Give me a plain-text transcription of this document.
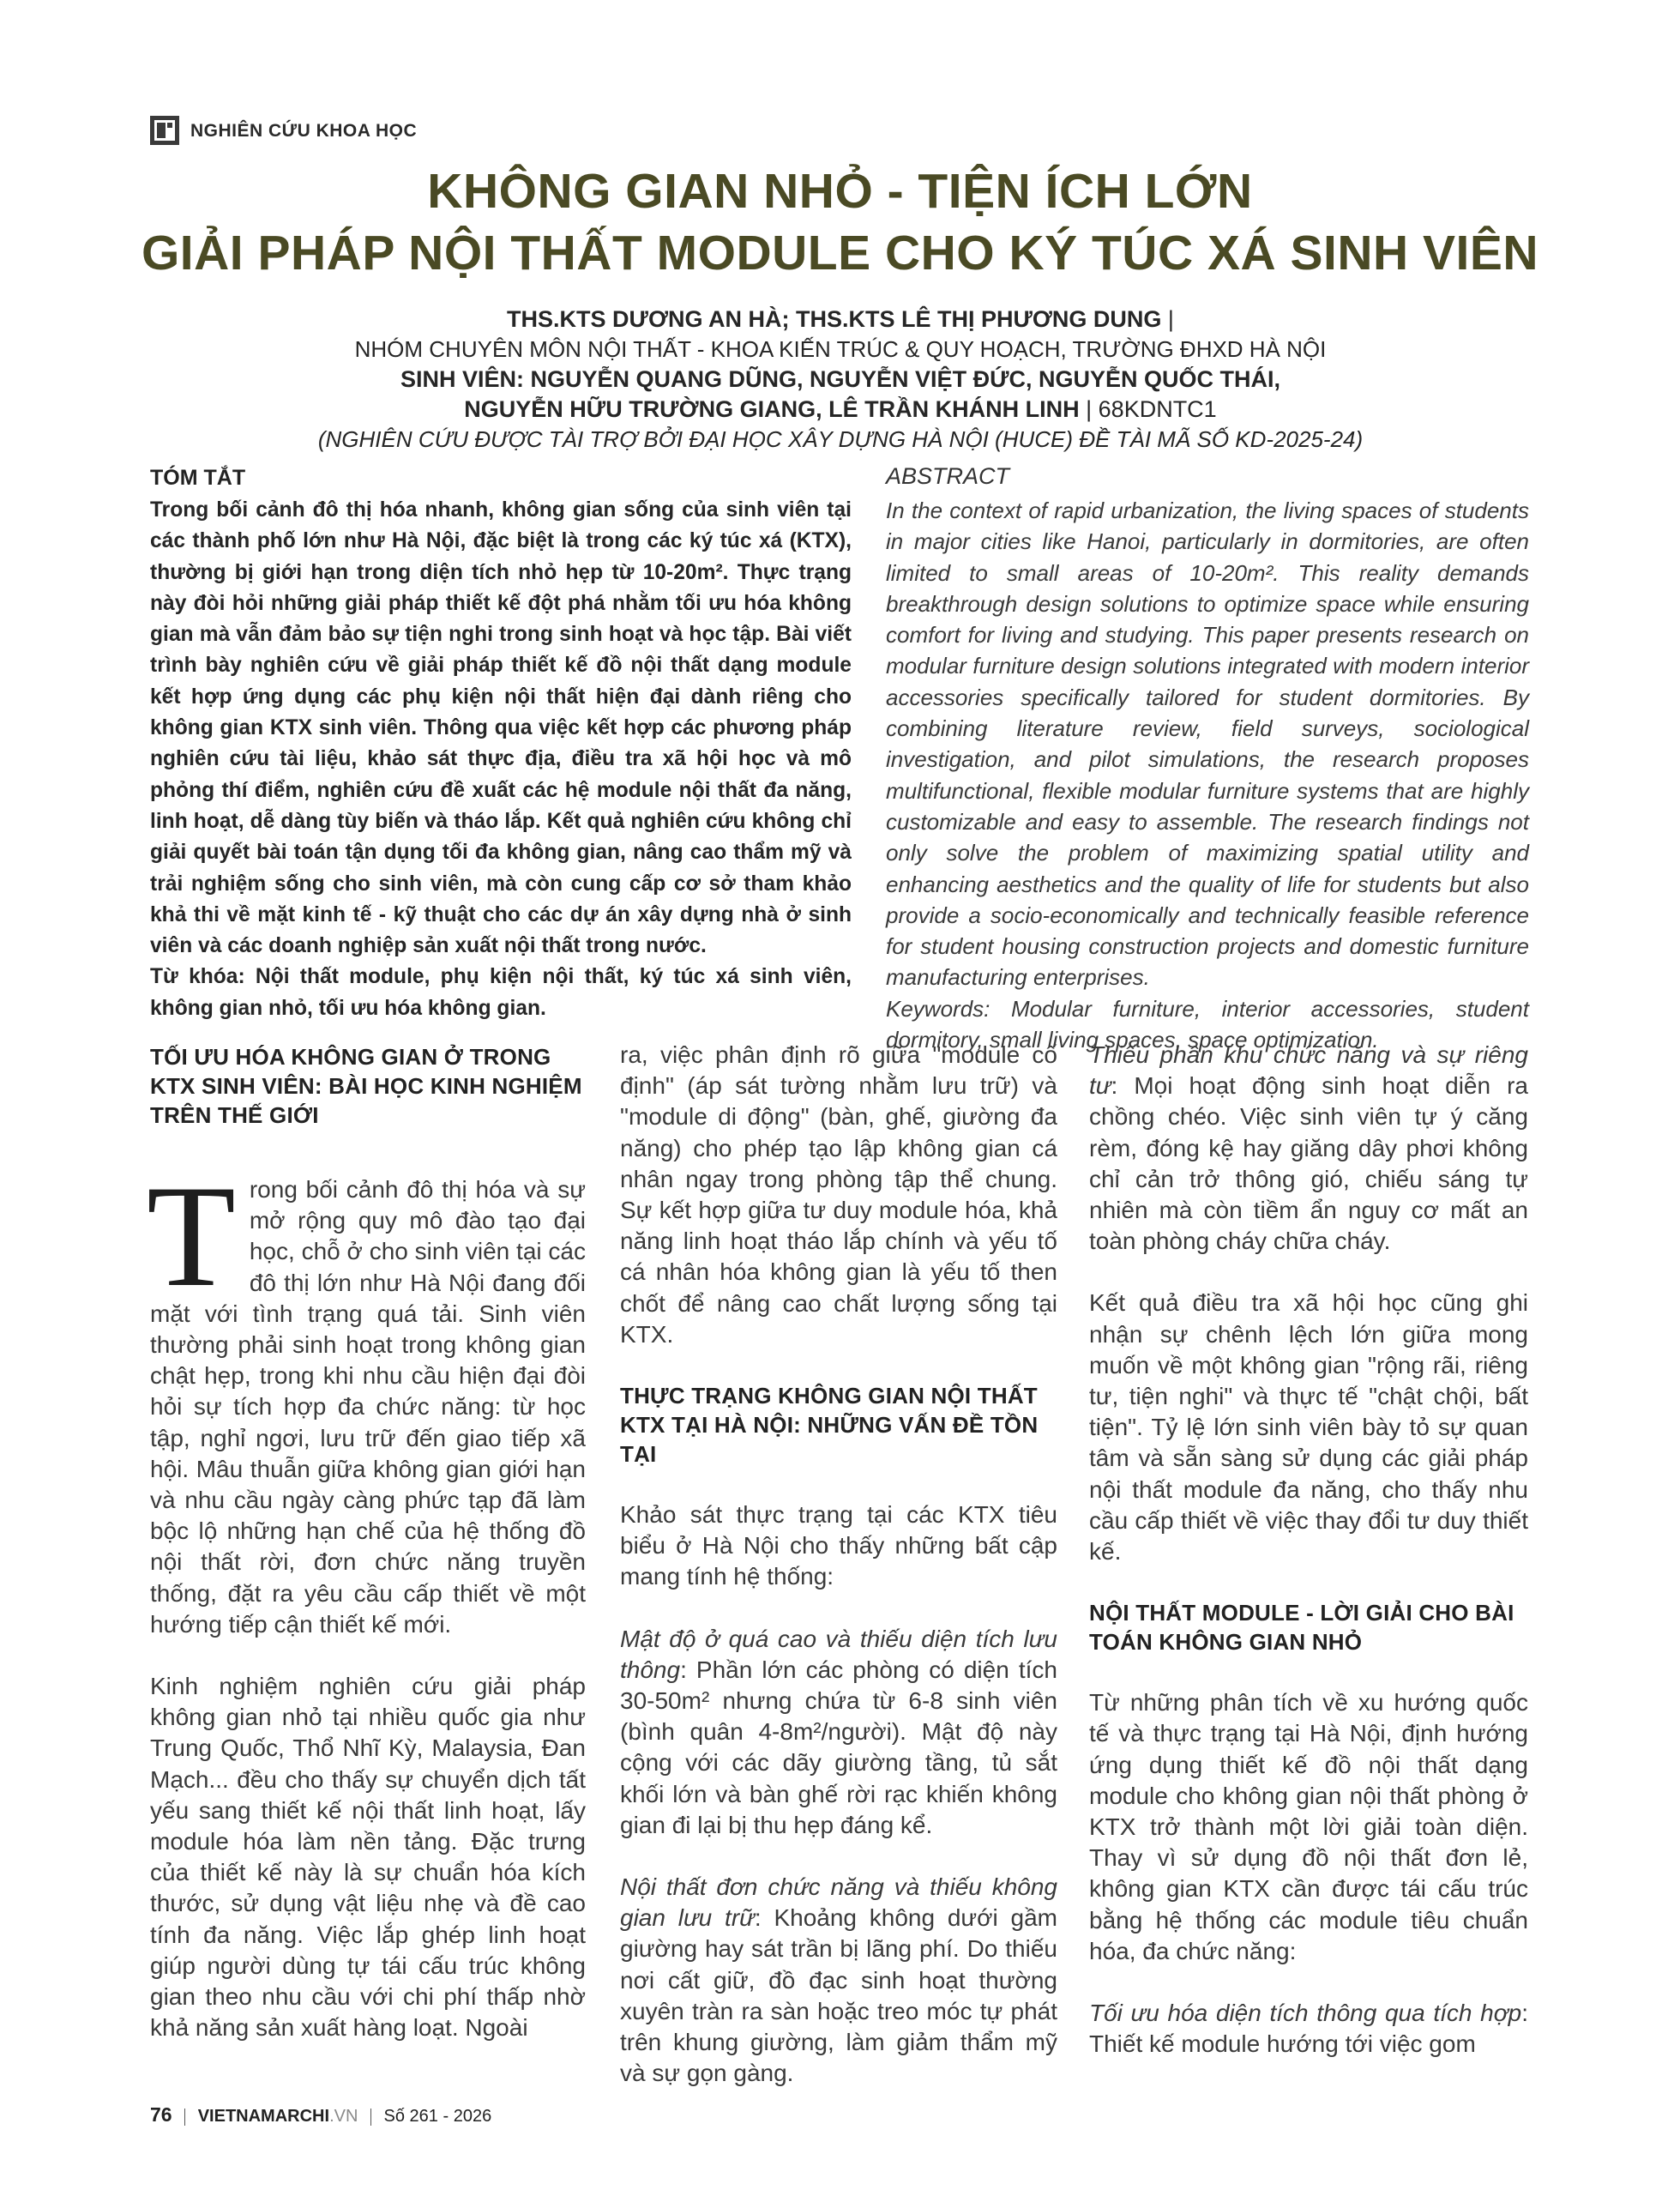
NGHIÊN CỨU KHOA HỌC
KHÔNG GIAN NHỎ - TIỆN ÍCH LỚN
GIẢI PHÁP NỘI THẤT MODULE CHO KÝ TÚC XÁ SINH VIÊN
THS.KTS DƯƠNG AN HÀ; THS.KTS LÊ THỊ PHƯƠNG DUNG |
NHÓM CHUYÊN MÔN NỘI THẤT - KHOA KIẾN TRÚC & QUY HOẠCH, TRƯỜNG ĐHXD HÀ NỘI
SINH VIÊN: NGUYỄN QUANG DŨNG, NGUYỄN VIỆT ĐỨC, NGUYỄN QUỐC THÁI,
NGUYỄN HỮU TRƯỜNG GIANG, LÊ TRẦN KHÁNH LINH | 68KDNTC1
(NGHIÊN CỨU ĐƯỢC TÀI TRỢ BỞI ĐẠI HỌC XÂY DỰNG HÀ NỘI (HUCE) ĐỀ TÀI MÃ SỐ KD-2025-24)
TÓM TẮT

Trong bối cảnh đô thị hóa nhanh, không gian sống của sinh viên tại các thành phố lớn như Hà Nội, đặc biệt là trong các ký túc xá (KTX), thường bị giới hạn trong diện tích nhỏ hẹp từ 10-20m². Thực trạng này đòi hỏi những giải pháp thiết kế đột phá nhằm tối ưu hóa không gian mà vẫn đảm bảo sự tiện nghi trong sinh hoạt và học tập. Bài viết trình bày nghiên cứu về giải pháp thiết kế đồ nội thất dạng module kết hợp ứng dụng các phụ kiện nội thất hiện đại dành riêng cho không gian KTX sinh viên. Thông qua việc kết hợp các phương pháp nghiên cứu tài liệu, khảo sát thực địa, điều tra xã hội học và mô phỏng thí điểm, nghiên cứu đề xuất các hệ module nội thất đa năng, linh hoạt, dễ dàng tùy biến và tháo lắp. Kết quả nghiên cứu không chỉ giải quyết bài toán tận dụng tối đa không gian, nâng cao thẩm mỹ và trải nghiệm sống cho sinh viên, mà còn cung cấp cơ sở tham khảo khả thi về mặt kinh tế - kỹ thuật cho các dự án xây dựng nhà ở sinh viên và các doanh nghiệp sản xuất nội thất trong nước.

Từ khóa: Nội thất module, phụ kiện nội thất, ký túc xá sinh viên, không gian nhỏ, tối ưu hóa không gian.

ABSTRACT

In the context of rapid urbanization, the living spaces of students in major cities like Hanoi, particularly in dormitories, are often limited to small areas of 10-20m². This reality demands breakthrough design solutions to optimize space while ensuring comfort for living and studying. This paper presents research on modular furniture design solutions integrated with modern interior accessories specifically tailored for student dormitories. By combining literature review, field surveys, sociological investigation, and pilot simulations, the research proposes multifunctional, flexible modular furniture systems that are highly customizable and easy to assemble. The research findings not only solve the problem of maximizing spatial utility and enhancing aesthetics and the quality of life for students but also provide a socio-economically and technically feasible reference for student housing construction projects and domestic furniture manufacturing enterprises.

Keywords: Modular furniture, interior accessories, student dormitory, small living spaces, space optimization.

TỐI ƯU HÓA KHÔNG GIAN Ở TRONG KTX SINH VIÊN: BÀI HỌC KINH NGHIỆM TRÊN THẾ GIỚI

Trong bối cảnh đô thị hóa và sự mở rộng quy mô đào tạo đại học, chỗ ở cho sinh viên tại các đô thị lớn như Hà Nội đang đối mặt với tình trạng quá tải. Sinh viên thường phải sinh hoạt trong không gian chật hẹp, trong khi nhu cầu hiện đại đòi hỏi sự tích hợp đa chức năng: từ học tập, nghỉ ngơi, lưu trữ đến giao tiếp xã hội. Mâu thuẫn giữa không gian giới hạn và nhu cầu ngày càng phức tạp đã làm bộc lộ những hạn chế của hệ thống đồ nội thất rời, đơn chức năng truyền thống, đặt ra yêu cầu cấp thiết về một hướng tiếp cận thiết kế mới.

Kinh nghiệm nghiên cứu giải pháp không gian nhỏ tại nhiều quốc gia như Trung Quốc, Thổ Nhĩ Kỳ, Malaysia, Đan Mạch... đều cho thấy sự chuyển dịch tất yếu sang thiết kế nội thất linh hoạt, lấy module hóa làm nền tảng. Đặc trưng của thiết kế này là sự chuẩn hóa kích thước, sử dụng vật liệu nhẹ và đề cao tính đa năng. Việc lắp ghép linh hoạt giúp người dùng tự tái cấu trúc không gian theo nhu cầu với chi phí thấp nhờ khả năng sản xuất hàng loạt. Ngoài

ra, việc phân định rõ giữa "module cố định" (áp sát tường nhằm lưu trữ) và "module di động" (bàn, ghế, giường đa năng) cho phép tạo lập không gian cá nhân ngay trong phòng tập thể chung. Sự kết hợp giữa tư duy module hóa, khả năng linh hoạt tháo lắp chính và yếu tố cá nhân hóa không gian là yếu tố then chốt để nâng cao chất lượng sống tại KTX.

THỰC TRẠNG KHÔNG GIAN NỘI THẤT KTX TẠI HÀ NỘI: NHỮNG VẤN ĐỀ TỒN TẠI

Khảo sát thực trạng tại các KTX tiêu biểu ở Hà Nội cho thấy những bất cập mang tính hệ thống:

Mật độ ở quá cao và thiếu diện tích lưu thông: Phần lớn các phòng có diện tích 30-50m² nhưng chứa từ 6-8 sinh viên (bình quân 4-8m²/người). Mật độ này cộng với các dãy giường tầng, tủ sắt khối lớn và bàn ghế rời rạc khiến không gian đi lại bị thu hẹp đáng kể.

Nội thất đơn chức năng và thiếu không gian lưu trữ: Khoảng không dưới gầm giường hay sát trần bị lãng phí. Do thiếu nơi cất giữ, đồ đạc sinh hoạt thường xuyên tràn ra sàn hoặc treo móc tự phát trên khung giường, làm giảm thẩm mỹ và sự gọn gàng.

Thiếu phân khu chức năng và sự riêng tư: Mọi hoạt động sinh hoạt diễn ra chồng chéo. Việc sinh viên tự ý căng rèm, đóng kệ hay giăng dây phơi không chỉ cản trở thông gió, chiếu sáng tự nhiên mà còn tiềm ẩn nguy cơ mất an toàn phòng cháy chữa cháy.

Kết quả điều tra xã hội học cũng ghi nhận sự chênh lệch lớn giữa mong muốn về một không gian "rộng rãi, riêng tư, tiện nghi" và thực tế "chật chội, bất tiện". Tỷ lệ lớn sinh viên bày tỏ sự quan tâm và sẵn sàng sử dụng các giải pháp nội thất module đa năng, cho thấy nhu cầu cấp thiết về việc thay đổi tư duy thiết kế.

NỘI THẤT MODULE - LỜI GIẢI CHO BÀI TOÁN KHÔNG GIAN NHỎ

Từ những phân tích về xu hướng quốc tế và thực trạng tại Hà Nội, định hướng ứng dụng thiết kế đồ nội thất dạng module cho không gian nội thất phòng ở KTX trở thành một lời giải toàn diện. Thay vì sử dụng đồ nội thất đơn lẻ, không gian KTX cần được tái cấu trúc bằng hệ thống các module tiêu chuẩn hóa, đa chức năng:

Tối ưu hóa diện tích thông qua tích hợp: Thiết kế module hướng tới việc gom

76 VIETNAMARCHI.VN Số 261 - 2026
